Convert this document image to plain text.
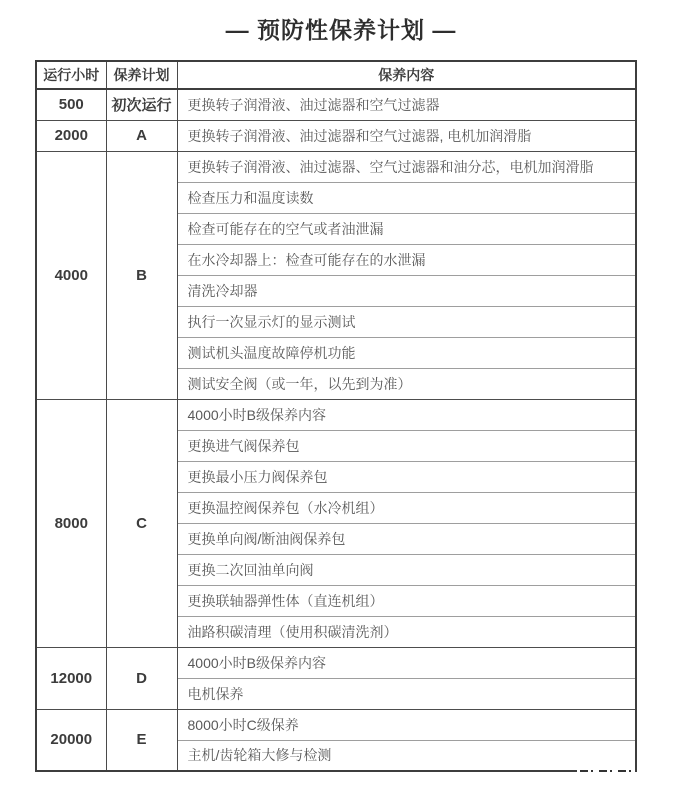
— 预防性保养计划 —
运行小时	保养计划	保养内容
500	初次运行	更换转子润滑液、油过滤器和空气过滤器
2000	A	更换转子润滑液、油过滤器和空气过滤器, 电机加润滑脂
4000	B	更换转子润滑液、油过滤器、空气过滤器和油分芯，电机加润滑脂
		检查压力和温度读数
		检查可能存在的空气或者油泄漏
		在水冷却器上：检查可能存在的水泄漏
		清洗冷却器
		执行一次显示灯的显示测试
		测试机头温度故障停机功能
		测试安全阀（或一年，以先到为准）
8000	C	4000小时B级保养内容
		更换进气阀保养包
		更换最小压力阀保养包
		更换温控阀保养包（水冷机组）
		更换单向阀/断油阀保养包
		更换二次回油单向阀
		更换联轴器弹性体（直连机组）
		油路积碳清理（使用积碳清洗剂）
12000	D	4000小时B级保养内容
		电机保养
20000	E	8000小时C级保养
		主机/齿轮箱大修与检测
